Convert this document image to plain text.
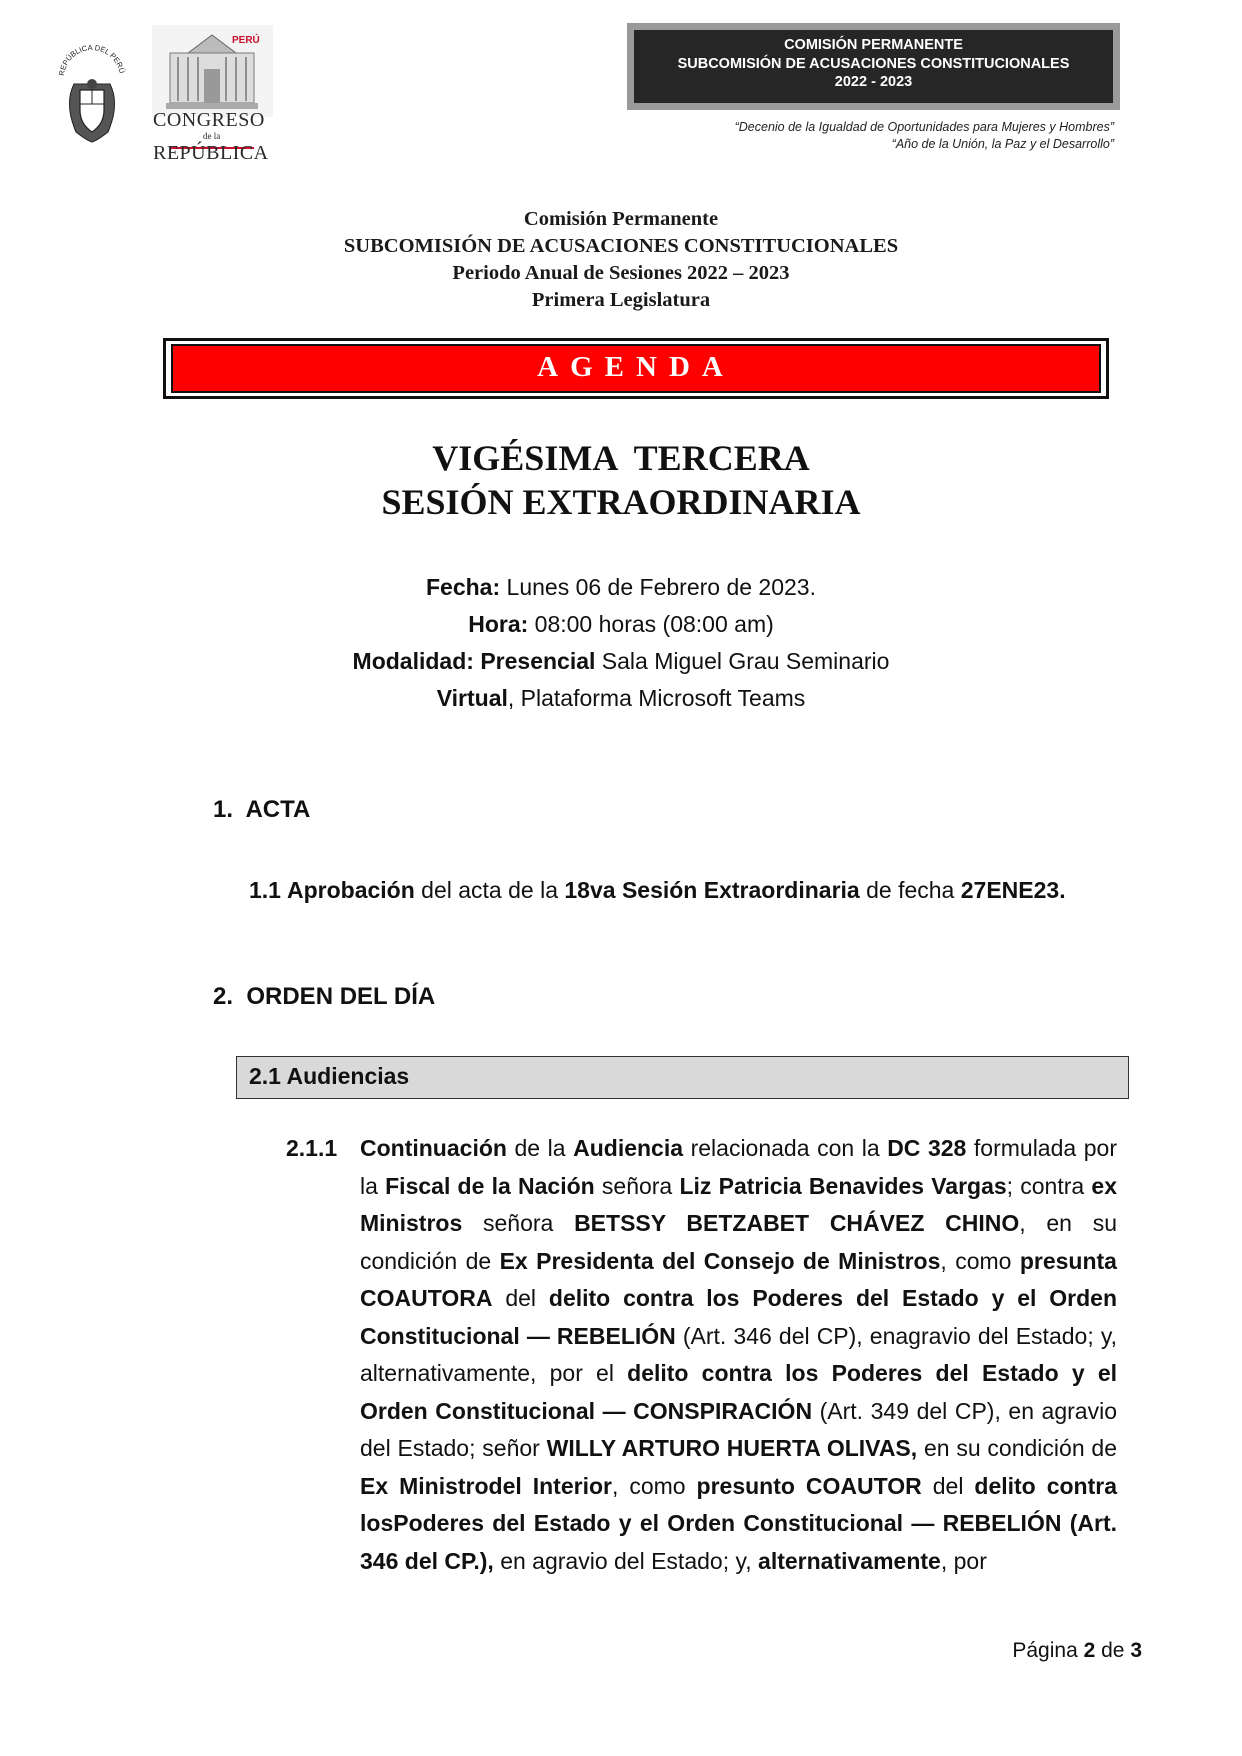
REPÚBLICA DEL PERÚ
PERÚ
CONGRESO
de la
REPÚBLICA
COMISIÓN PERMANENTE
SUBCOMISIÓN DE ACUSACIONES CONSTITUCIONALES
2022 - 2023
“Decenio de la Igualdad de Oportunidades para Mujeres y Hombres”
“Año de la Unión, la Paz y el Desarrollo”
Comisión Permanente
SUBCOMISIÓN DE ACUSACIONES CONSTITUCIONALES
Periodo Anual de Sesiones 2022 – 2023
Primera Legislatura
AGENDA
VIGÉSIMA  TERCERA
SESIÓN EXTRAORDINARIA
Fecha: Lunes 06 de Febrero de 2023.
Hora: 08:00 horas (08:00 am)
Modalidad: Presencial Sala Miguel Grau Seminario
Virtual, Plataforma Microsoft Teams
1.  ACTA
1.1 Aprobación del acta de la 18va Sesión Extraordinaria de fecha 27ENE23.
2.  ORDEN DEL DÍA
2.1 Audiencias
2.1.1 Continuación de la Audiencia relacionada con la DC 328 formulada por la Fiscal de la Nación señora Liz Patricia Benavides Vargas; contra ex Ministros señora BETSSY BETZABET CHÁVEZ CHINO, en su condición de Ex Presidenta del Consejo de Ministros, como presunta COAUTORA del delito contra los Poderes del Estado y el Orden Constitucional — REBELIÓN (Art. 346 del CP), enagravio del Estado; y, alternativamente, por el delito contra los Poderes del Estado y el Orden Constitucional — CONSPIRACIÓN (Art. 349 del CP), en agravio del Estado; señor WILLY ARTURO HUERTA OLIVAS, en su condición de Ex Ministrodel Interior, como presunto COAUTOR del delito contra losPoderes del Estado y el Orden Constitucional — REBELIÓN (Art. 346 del CP.), en agravio del Estado; y, alternativamente, por
Página 2 de 3
